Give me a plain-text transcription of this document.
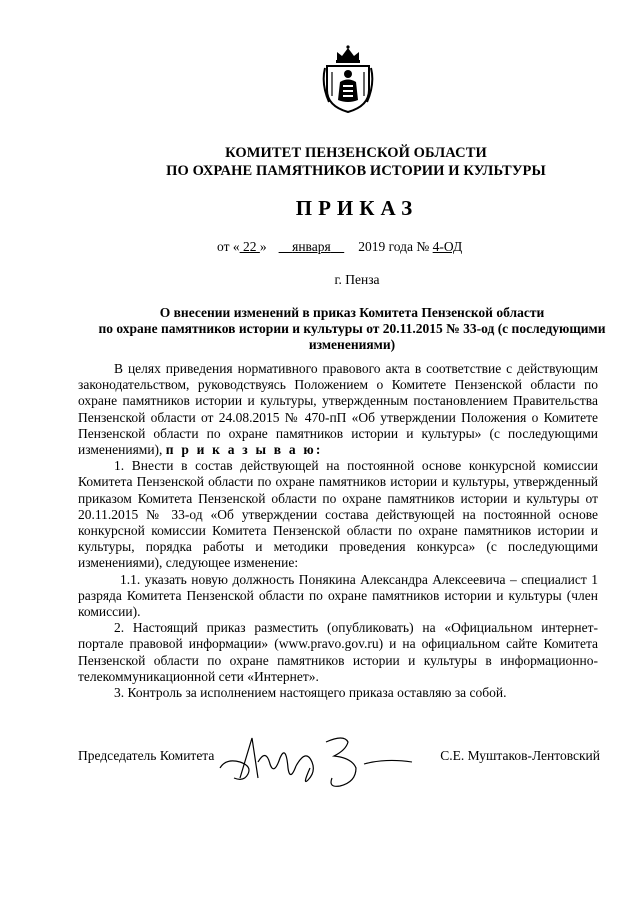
КОМИТЕТ ПЕНЗЕНСКОЙ ОБЛАСТИ
ПО ОХРАНЕ ПАМЯТНИКОВ ИСТОРИИ И КУЛЬТУРЫ
ПРИКАЗ
от « 22 » января 2019 года № 4-ОД
г. Пенза
О внесении изменений в приказ Комитета Пензенской области
по охране памятников истории и культуры от 20.11.2015 № 33-од (с последующими
изменениями)

В целях приведения нормативного правового акта в соответствие с действующим законодательством, руководствуясь Положением о Комитете Пензенской области по охране памятников истории и культуры, утвержденным постановлением Правительства Пензенской области от 24.08.2015 № 470-пП «Об утверждении Положения о Комитете Пензенской области по охране памятников истории и культуры» (с последующими изменениями), п р и к а з ы в а ю:

1. Внести в состав действующей на постоянной основе конкурсной комиссии Комитета Пензенской области по охране памятников истории и культуры, утвержденный приказом Комитета Пензенской области по охране памятников истории и культуры от 20.11.2015 № 33-од «Об утверждении состава действующей на постоянной основе конкурсной комиссии Комитета Пензенской области по охране памятников истории и культуры, порядка работы и методики проведения конкурса» (с последующими изменениями), следующее изменение:

1.1. указать новую должность Понякина Александра Алексеевича – специалист 1 разряда Комитета Пензенской области по охране памятников истории и культуры (член комиссии).

2. Настоящий приказ разместить (опубликовать) на «Официальном интернет-портале правовой информации» (www.pravo.gov.ru) и на официальном сайте Комитета Пензенской области по охране памятников истории и культуры в информационно-телекоммуникационной сети «Интернет».

3. Контроль за исполнением настоящего приказа оставляю за собой.

Председатель Комитета	С.Е. Муштаков-Лентовский
